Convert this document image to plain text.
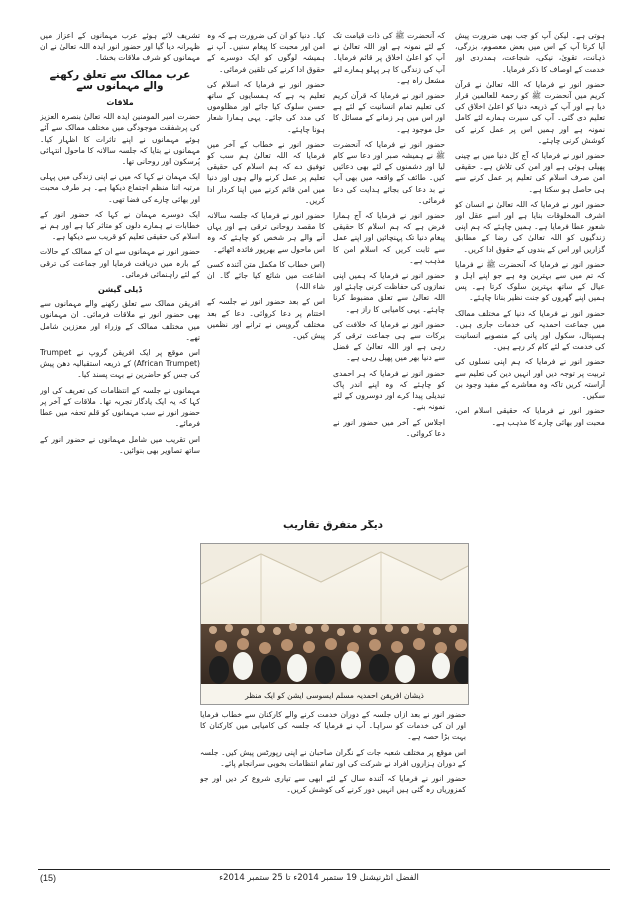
ہوتی ہے۔ لیکن آپ کو جب بھی ضرورت پیش آیا کرتا آپ کے اس میں بعض معصوم، بزرگی، ذہانت، تقویٰ، نیکی، شجاعت، ہمدردی اور خدمت کے اوصاف کا ذکر فرمایا۔

حضور انور نے فرمایا کہ اللہ تعالیٰ نے قرآن کریم میں آنحضرت ﷺ کو رحمۃ للعالمین قرار دیا ہے اور آپ کے ذریعہ دنیا کو اعلیٰ اخلاق کی تعلیم دی گئی۔ آپ کی سیرت ہمارے لئے کامل نمونہ ہے اور ہمیں اس پر عمل کرنے کی کوشش کرنی چاہئے۔

حضور انور نے فرمایا کہ آج کل دنیا میں بے چینی پھیلی ہوئی ہے اور امن کی تلاش ہے۔ حقیقی امن صرف اسلام کی تعلیم پر عمل کرنے سے ہی حاصل ہو سکتا ہے۔

حضور انور نے فرمایا کہ اللہ تعالیٰ نے انسان کو اشرف المخلوقات بنایا ہے اور اسے عقل اور شعور عطا فرمایا ہے۔ ہمیں چاہئے کہ ہم اپنی زندگیوں کو اللہ تعالیٰ کی رضا کے مطابق گزاریں اور اس کے بندوں کے حقوق ادا کریں۔

حضور انور نے فرمایا کہ آنحضرت ﷺ نے فرمایا کہ تم میں سے بہترین وہ ہے جو اپنے اہل و عیال کے ساتھ بہترین سلوک کرتا ہے۔ پس ہمیں اپنے گھروں کو جنت نظیر بنانا چاہئے۔

حضور انور نے فرمایا کہ دنیا کے مختلف ممالک میں جماعت احمدیہ کی خدمات جاری ہیں۔ ہسپتال، سکول اور پانی کے منصوبے انسانیت کی خدمت کے لئے کام کر رہے ہیں۔

حضور انور نے فرمایا کہ ہم اپنی نسلوں کی تربیت پر توجہ دیں اور انہیں دین کی تعلیم سے آراستہ کریں تاکہ وہ معاشرے کے مفید وجود بن سکیں۔

حضور انور نے فرمایا کہ حقیقی اسلام امن، محبت اور بھائی چارے کا مذہب ہے۔

کہ آنحضرت ﷺ کی ذات قیامت تک کے لئے نمونہ ہے اور اللہ تعالیٰ نے آپ کو اعلیٰ اخلاق پر قائم فرمایا۔ آپ کی زندگی کا ہر پہلو ہمارے لئے مشعل راہ ہے۔

حضور انور نے فرمایا کہ قرآن کریم کی تعلیم تمام انسانیت کے لئے ہے اور اس میں ہر زمانے کے مسائل کا حل موجود ہے۔

حضور انور نے فرمایا کہ آنحضرت ﷺ نے ہمیشہ صبر اور دعا سے کام لیا اور دشمنوں کے لئے بھی دعائیں کیں۔ طائف کے واقعہ میں بھی آپ نے بد دعا کی بجائے ہدایت کی دعا فرمائی۔

حضور انور نے فرمایا کہ آج ہمارا فرض ہے کہ ہم اسلام کا حقیقی پیغام دنیا تک پہنچائیں اور اپنے عمل سے ثابت کریں کہ اسلام امن کا مذہب ہے۔

حضور انور نے فرمایا کہ ہمیں اپنی نمازوں کی حفاظت کرنی چاہئے اور اللہ تعالیٰ سے تعلق مضبوط کرنا چاہئے۔ یہی کامیابی کا راز ہے۔

حضور انور نے فرمایا کہ خلافت کی برکات سے ہی جماعت ترقی کر رہی ہے اور اللہ تعالیٰ کے فضل سے دنیا بھر میں پھیل رہی ہے۔

حضور انور نے فرمایا کہ ہر احمدی کو چاہئے کہ وہ اپنے اندر پاک تبدیلی پیدا کرے اور دوسروں کے لئے نمونہ بنے۔

اجلاس کے آخر میں حضور انور نے دعا کروائی۔

کیا۔ دنیا کو ان کی ضرورت ہے کہ وہ امن اور محبت کا پیغام سنیں۔ آپ نے ہمیشہ لوگوں کو ایک دوسرے کے حقوق ادا کرنے کی تلقین فرمائی۔

حضور انور نے فرمایا کہ اسلام کی تعلیم یہ ہے کہ ہمسایوں کے ساتھ حسن سلوک کیا جائے اور مظلوموں کی مدد کی جائے۔ یہی ہمارا شعار ہونا چاہئے۔

حضور انور نے خطاب کے آخر میں فرمایا کہ اللہ تعالیٰ ہم سب کو توفیق دے کہ ہم اسلام کی حقیقی تعلیم پر عمل کرنے والے ہوں اور دنیا میں امن قائم کرنے میں اپنا کردار ادا کریں۔

حضور انور نے فرمایا کہ جلسہ سالانہ کا مقصد روحانی ترقی ہے اور یہاں آنے والے ہر شخص کو چاہئے کہ وہ اس ماحول سے بھرپور فائدہ اٹھائے۔

(اس خطاب کا مکمل متن آئندہ کسی اشاعت میں شائع کیا جائے گا۔ ان شاء اللہ)

اس کے بعد حضور انور نے جلسہ کے اختتام پر دعا کروائی۔ دعا کے بعد مختلف گروپس نے ترانے اور نظمیں پیش کیں۔

تشریف لائے ہوئے عرب مہمانوں کے اعزاز میں ظہرانہ دیا گیا اور حضور انور ایدہ اللہ تعالیٰ نے ان مہمانوں کو شرف ملاقات بخشا۔

عرب ممالک سے تعلق رکھنے والے مہمانوں سے
ملاقات

حضرت امیر المومنین ایدہ اللہ تعالیٰ بنصرہ العزیز کی پرشفقت موجودگی میں مختلف ممالک سے آئے ہوئے مہمانوں نے اپنے تاثرات کا اظہار کیا۔ مہمانوں نے بتایا کہ جلسہ سالانہ کا ماحول انتہائی پُرسکون اور روحانی تھا۔

ایک مہمان نے کہا کہ میں نے اپنی زندگی میں پہلی مرتبہ اتنا منظم اجتماع دیکھا ہے۔ ہر طرف محبت اور بھائی چارے کی فضا تھی۔

ایک دوسرے مہمان نے کہا کہ حضور انور کے خطابات نے ہمارے دلوں کو متاثر کیا ہے اور ہم نے اسلام کی حقیقی تعلیم کو قریب سے دیکھا ہے۔

حضور انور نے مہمانوں سے ان کے ممالک کے حالات کے بارہ میں دریافت فرمایا اور جماعت کی ترقی کے لئے راہنمائی فرمائی۔

ڈیلی گیشن

افریقن ممالک سے تعلق رکھنے والے مہمانوں سے بھی حضور انور نے ملاقات فرمائی۔ ان مہمانوں میں مختلف ممالک کے وزراء اور معززین شامل تھے۔

اس موقع پر ایک افریقن گروپ نے Trumpet (African Trumpet) کے ذریعہ استقبالیہ دھن پیش کی جس کو حاضرین نے بہت پسند کیا۔

مہمانوں نے جلسہ کے انتظامات کی تعریف کی اور کہا کہ یہ ایک یادگار تجربہ تھا۔ ملاقات کے آخر پر حضور انور نے سب مہمانوں کو قلم تحفہ میں عطا فرمائے۔

اس تقریب میں شامل مہمانوں نے حضور انور کے ساتھ تصاویر بھی بنوائیں۔

دیگر متفرق تقاریب
ذیشان افریقن احمدیہ مسلم ایسوسی ایشن کو ایک منظر

حضور انور نے بعد ازاں جلسہ کے دوران خدمت کرنے والے کارکنان سے خطاب فرمایا اور ان کی خدمات کو سراہا۔ آپ نے فرمایا کہ جلسہ کی کامیابی میں کارکنان کا بہت بڑا حصہ ہے۔

اس موقع پر مختلف شعبہ جات کے نگران صاحبان نے اپنی رپورٹس پیش کیں۔ جلسہ کے دوران ہزاروں افراد نے شرکت کی اور تمام انتظامات بخوبی سرانجام پائے۔

حضور انور نے فرمایا کہ آئندہ سال کے لئے ابھی سے تیاری شروع کر دیں اور جو کمزوریاں رہ گئی ہیں انہیں دور کرنے کی کوشش کریں۔

(15)	الفضل انٹرنیشنل 19 ستمبر 2014ء تا 25 ستمبر 2014ء
